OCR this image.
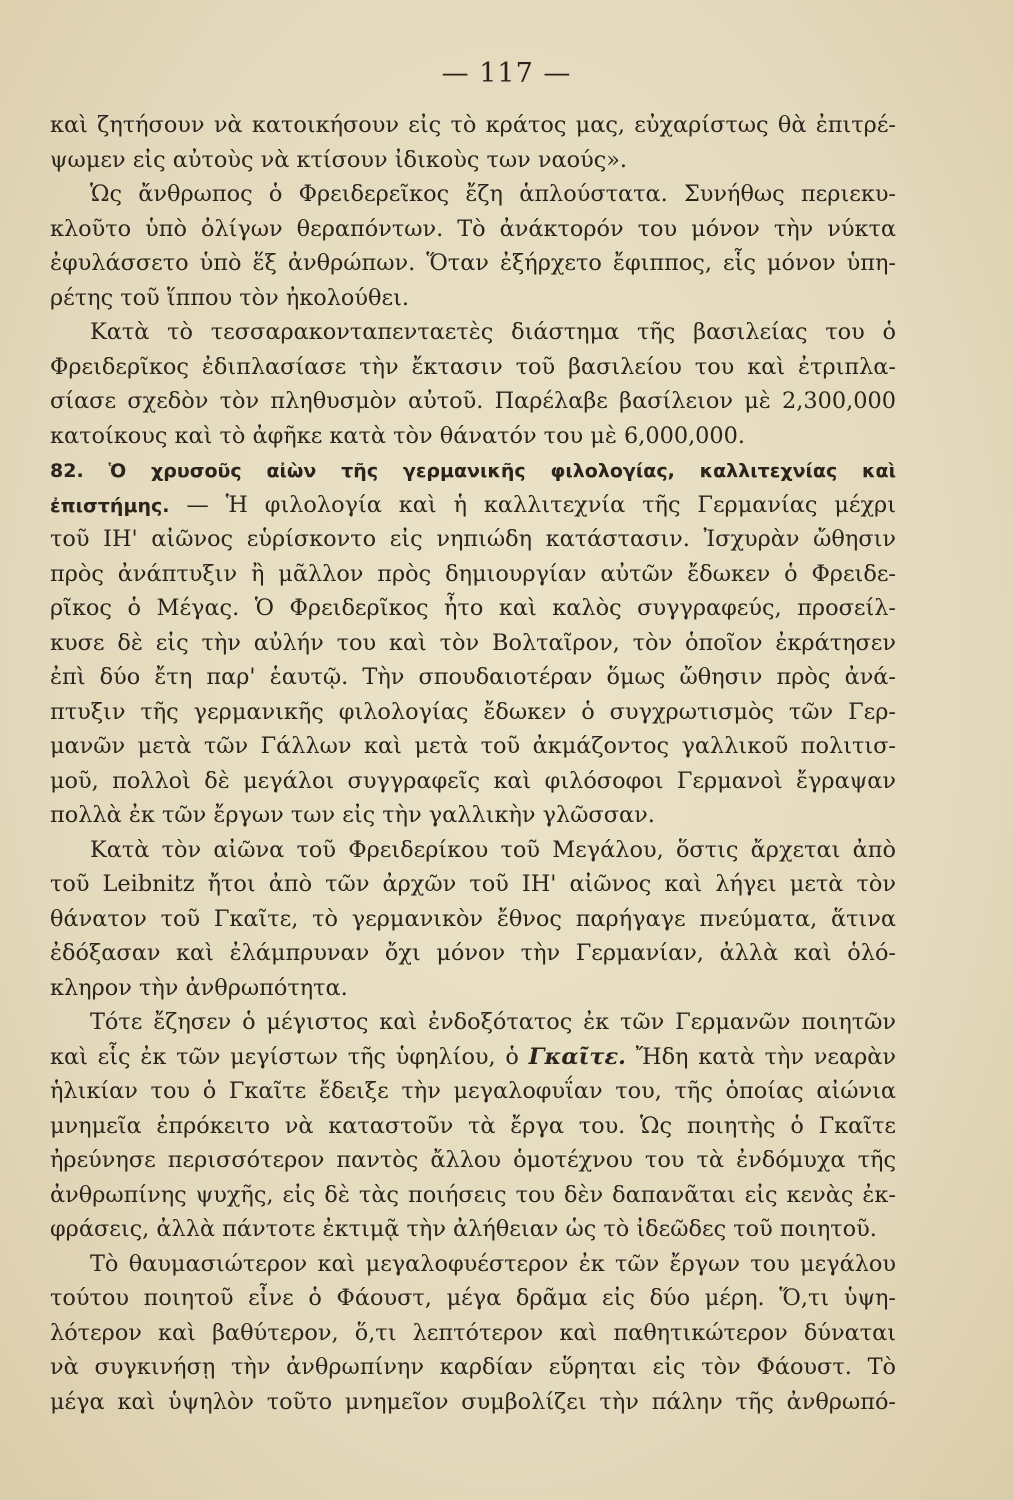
— 117 —
καὶ ζητήσουν νὰ κατοικήσουν εἰς τὸ κράτος μας, εὐχαρίστως θὰ ἐπιτρέ-
ψωμεν εἰς αὐτοὺς νὰ κτίσουν ἰδικοὺς των ναούς».
Ὡς ἄνθρωπος ὁ Φρειδερεῖκος ἔζη ἁπλούστατα. Συνήθως περιεκυ-
κλοῦτο ὑπὸ ὀλίγων θεραπόντων. Τὸ ἀνάκτορόν του μόνον τὴν νύκτα
ἐφυλάσσετο ὑπὸ ἕξ ἀνθρώπων. Ὅταν ἐξήρχετο ἔφιππος, εἷς μόνον ὑπη-
ρέτης τοῦ ἵππου τὸν ἠκολούθει.
Κατὰ τὸ τεσσαρακονταπενταετὲς διάστημα τῆς βασιλείας του ὁ
Φρειδερῖκος ἐδιπλασίασε τὴν ἔκτασιν τοῦ βασιλείου του καὶ ἐτριπλα-
σίασε σχεδὸν τὸν πληθυσμὸν αὐτοῦ. Παρέλαβε βασίλειον μὲ 2,300,000
κατοίκους καὶ τὸ ἀφῆκε κατὰ τὸν θάνατόν του μὲ 6,000,000.
82. Ὁ χρυσοῦς αἰὼν τῆς γερμανικῆς φιλολογίας, καλλιτεχνίας καὶ
ἐπιστήμης. — Ἡ φιλολογία καὶ ἡ καλλιτεχνία τῆς Γερμανίας μέχρι
τοῦ ΙΗ' αἰῶνος εὑρίσκοντο εἰς νηπιώδη κατάστασιν. Ἰσχυρὰν ὤθησιν
πρὸς ἀνάπτυξιν ἢ μᾶλλον πρὸς δημιουργίαν αὐτῶν ἔδωκεν ὁ Φρειδε-
ρῖκος ὁ Μέγας. Ὁ Φρειδερῖκος ἦτο καὶ καλὸς συγγραφεύς, προσείλ-
κυσε δὲ εἰς τὴν αὐλήν του καὶ τὸν Βολταῖρον, τὸν ὁποῖον ἐκράτησεν
ἐπὶ δύο ἔτη παρ' ἑαυτῷ. Τὴν σπουδαιοτέραν ὅμως ὤθησιν πρὸς ἀνά-
πτυξιν τῆς γερμανικῆς φιλολογίας ἔδωκεν ὁ συγχρωτισμὸς τῶν Γερ-
μανῶν μετὰ τῶν Γάλλων καὶ μετὰ τοῦ ἀκμάζοντος γαλλικοῦ πολιτισ-
μοῦ, πολλοὶ δὲ μεγάλοι συγγραφεῖς καὶ φιλόσοφοι Γερμανοὶ ἔγραψαν
πολλὰ ἐκ τῶν ἔργων των εἰς τὴν γαλλικὴν γλῶσσαν.
Κατὰ τὸν αἰῶνα τοῦ Φρειδερίκου τοῦ Μεγάλου, ὅστις ἄρχεται ἀπὸ
τοῦ Leibnitz ἤτοι ἀπὸ τῶν ἀρχῶν τοῦ ΙΗ' αἰῶνος καὶ λήγει μετὰ τὸν
θάνατον τοῦ Γκαῖτε, τὸ γερμανικὸν ἔθνος παρήγαγε πνεύματα, ἅτινα
ἐδόξασαν καὶ ἐλάμπρυναν ὄχι μόνον τὴν Γερμανίαν, ἀλλὰ καὶ ὁλό-
κληρον τὴν ἀνθρωπότητα.
Τότε ἔζησεν ὁ μέγιστος καὶ ἐνδοξότατος ἐκ τῶν Γερμανῶν ποιητῶν
καὶ εἷς ἐκ τῶν μεγίστων τῆς ὑφηλίου, ὁ Γκαῖτε. Ἤδη κατὰ τὴν νεαρὰν
ἡλικίαν του ὁ Γκαῖτε ἔδειξε τὴν μεγαλοφυΐαν του, τῆς ὁποίας αἰώνια
μνημεῖα ἐπρόκειτο νὰ καταστοῦν τὰ ἔργα του. Ὡς ποιητὴς ὁ Γκαῖτε
ἠρεύνησε περισσότερον παντὸς ἄλλου ὁμοτέχνου του τὰ ἐνδόμυχα τῆς
ἀνθρωπίνης ψυχῆς, εἰς δὲ τὰς ποιήσεις του δὲν δαπανᾶται εἰς κενὰς ἐκ-
φράσεις, ἀλλὰ πάντοτε ἐκτιμᾷ τὴν ἀλήθειαν ὡς τὸ ἰδεῶδες τοῦ ποιητοῦ.
Τὸ θαυμασιώτερον καὶ μεγαλοφυέστερον ἐκ τῶν ἔργων του μεγάλου
τούτου ποιητοῦ εἶνε ὁ Φάουστ, μέγα δρᾶμα εἰς δύο μέρη. Ὅ,τι ὑψη-
λότερον καὶ βαθύτερον, ὅ,τι λεπτότερον καὶ παθητικώτερον δύναται
νὰ συγκινήσῃ τὴν ἀνθρωπίνην καρδίαν εὕρηται εἰς τὸν Φάουστ. Τὸ
μέγα καὶ ὑψηλὸν τοῦτο μνημεῖον συμβολίζει τὴν πάλην τῆς ἀνθρωπό-
